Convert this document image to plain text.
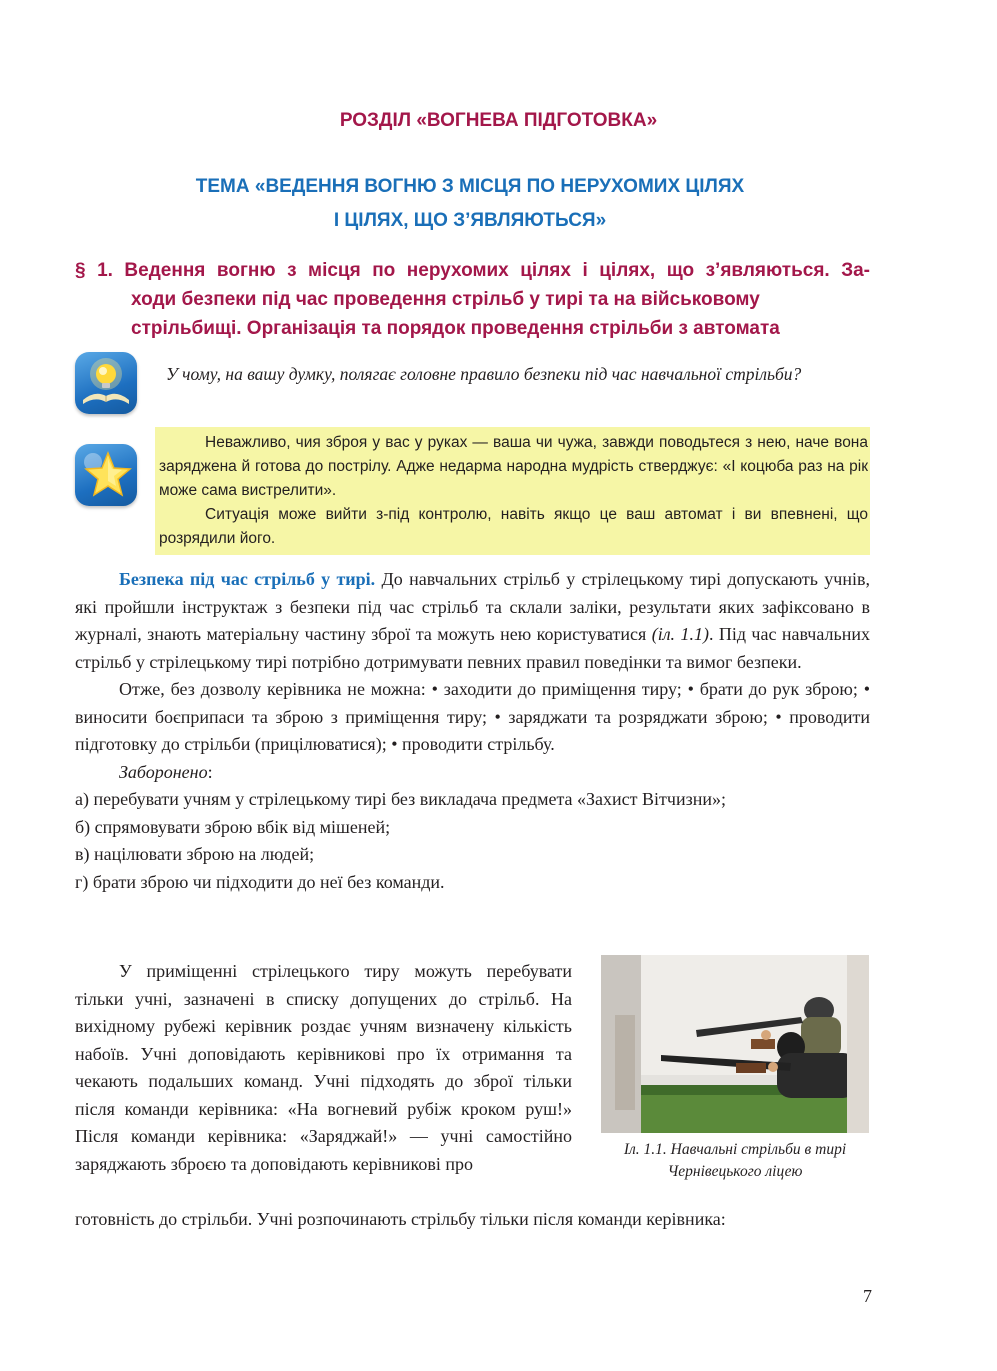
РОЗДІЛ «ВОГНЕВА ПІДГОТОВКА»
ТЕМА «ВЕДЕННЯ ВОГНЮ З МІСЦЯ ПО НЕРУХОМИХ ЦІЛЯХ
І ЦІЛЯХ, ЩО З’ЯВЛЯЮТЬСЯ»
§ 1. Ведення вогню з місця по нерухомих цілях і цілях, що з’являються. За-
ходи безпеки під час проведення стрільб у тирі та на військовому
стрільбищі. Організація та порядок проведення стрільби з автомата
У чому, на вашу думку, полягає головне правило безпеки під час навчальної стрільби?

Неважливо, чия зброя у вас у руках — ваша чи чужа, завжди поводьтеся з нею, наче вона заряджена й готова до пострілу. Адже недарма народна мудрість стверджує: «І коцюба раз на рік може сама вистрелити».

Ситуація може вийти з-під контролю, навіть якщо це ваш автомат і ви впевнені, що розрядили його.

Безпека під час стрільб у тирі. До навчальних стрільб у стрілецькому тирі допускають учнів, які пройшли інструктаж з безпеки під час стрільб та склали заліки, результати яких зафіксовано в журналі, знають матеріальну частину зброї та можуть нею користуватися (іл. 1.1). Під час навчальних стрільб у стрілецькому тирі потрібно дотримувати певних правил поведінки та вимог безпеки.

Отже, без дозволу керівника не можна: • заходити до приміщення тиру; • брати до рук зброю; • виносити боєприпаси та зброю з приміщення тиру; • заряджати та розряджати зброю; • проводити підготовку до стрільби (прицілюватися); • проводити стрільбу.

Заборонено:

а) перебувати учням у стрілецькому тирі без викладача предмета «Захист Вітчизни»;

б) спрямовувати зброю вбік від мішеней;

в) націлювати зброю на людей;

г) брати зброю чи підходити до неї без команди.

У приміщенні стрілецького тиру можуть перебувати тільки учні, зазначені в списку допущених до стрільб. На вихідному рубежі керівник роздає учням визначену кількість набоїв. Учні доповідають керівникові про їх отримання та чекають подальших команд. Учні підходять до зброї тільки після команди керівника: «На вогневий рубіж кроком руш!» Після команди керівника: «Заряджай!» — учні самостійно заряджають зброєю та доповідають керівникові про

готовність до стрільби. Учні розпочинають стрільбу тільки після команди керівника:

Іл. 1.1. Навчальні стрільби в тирі
Чернівецького ліцею
7
